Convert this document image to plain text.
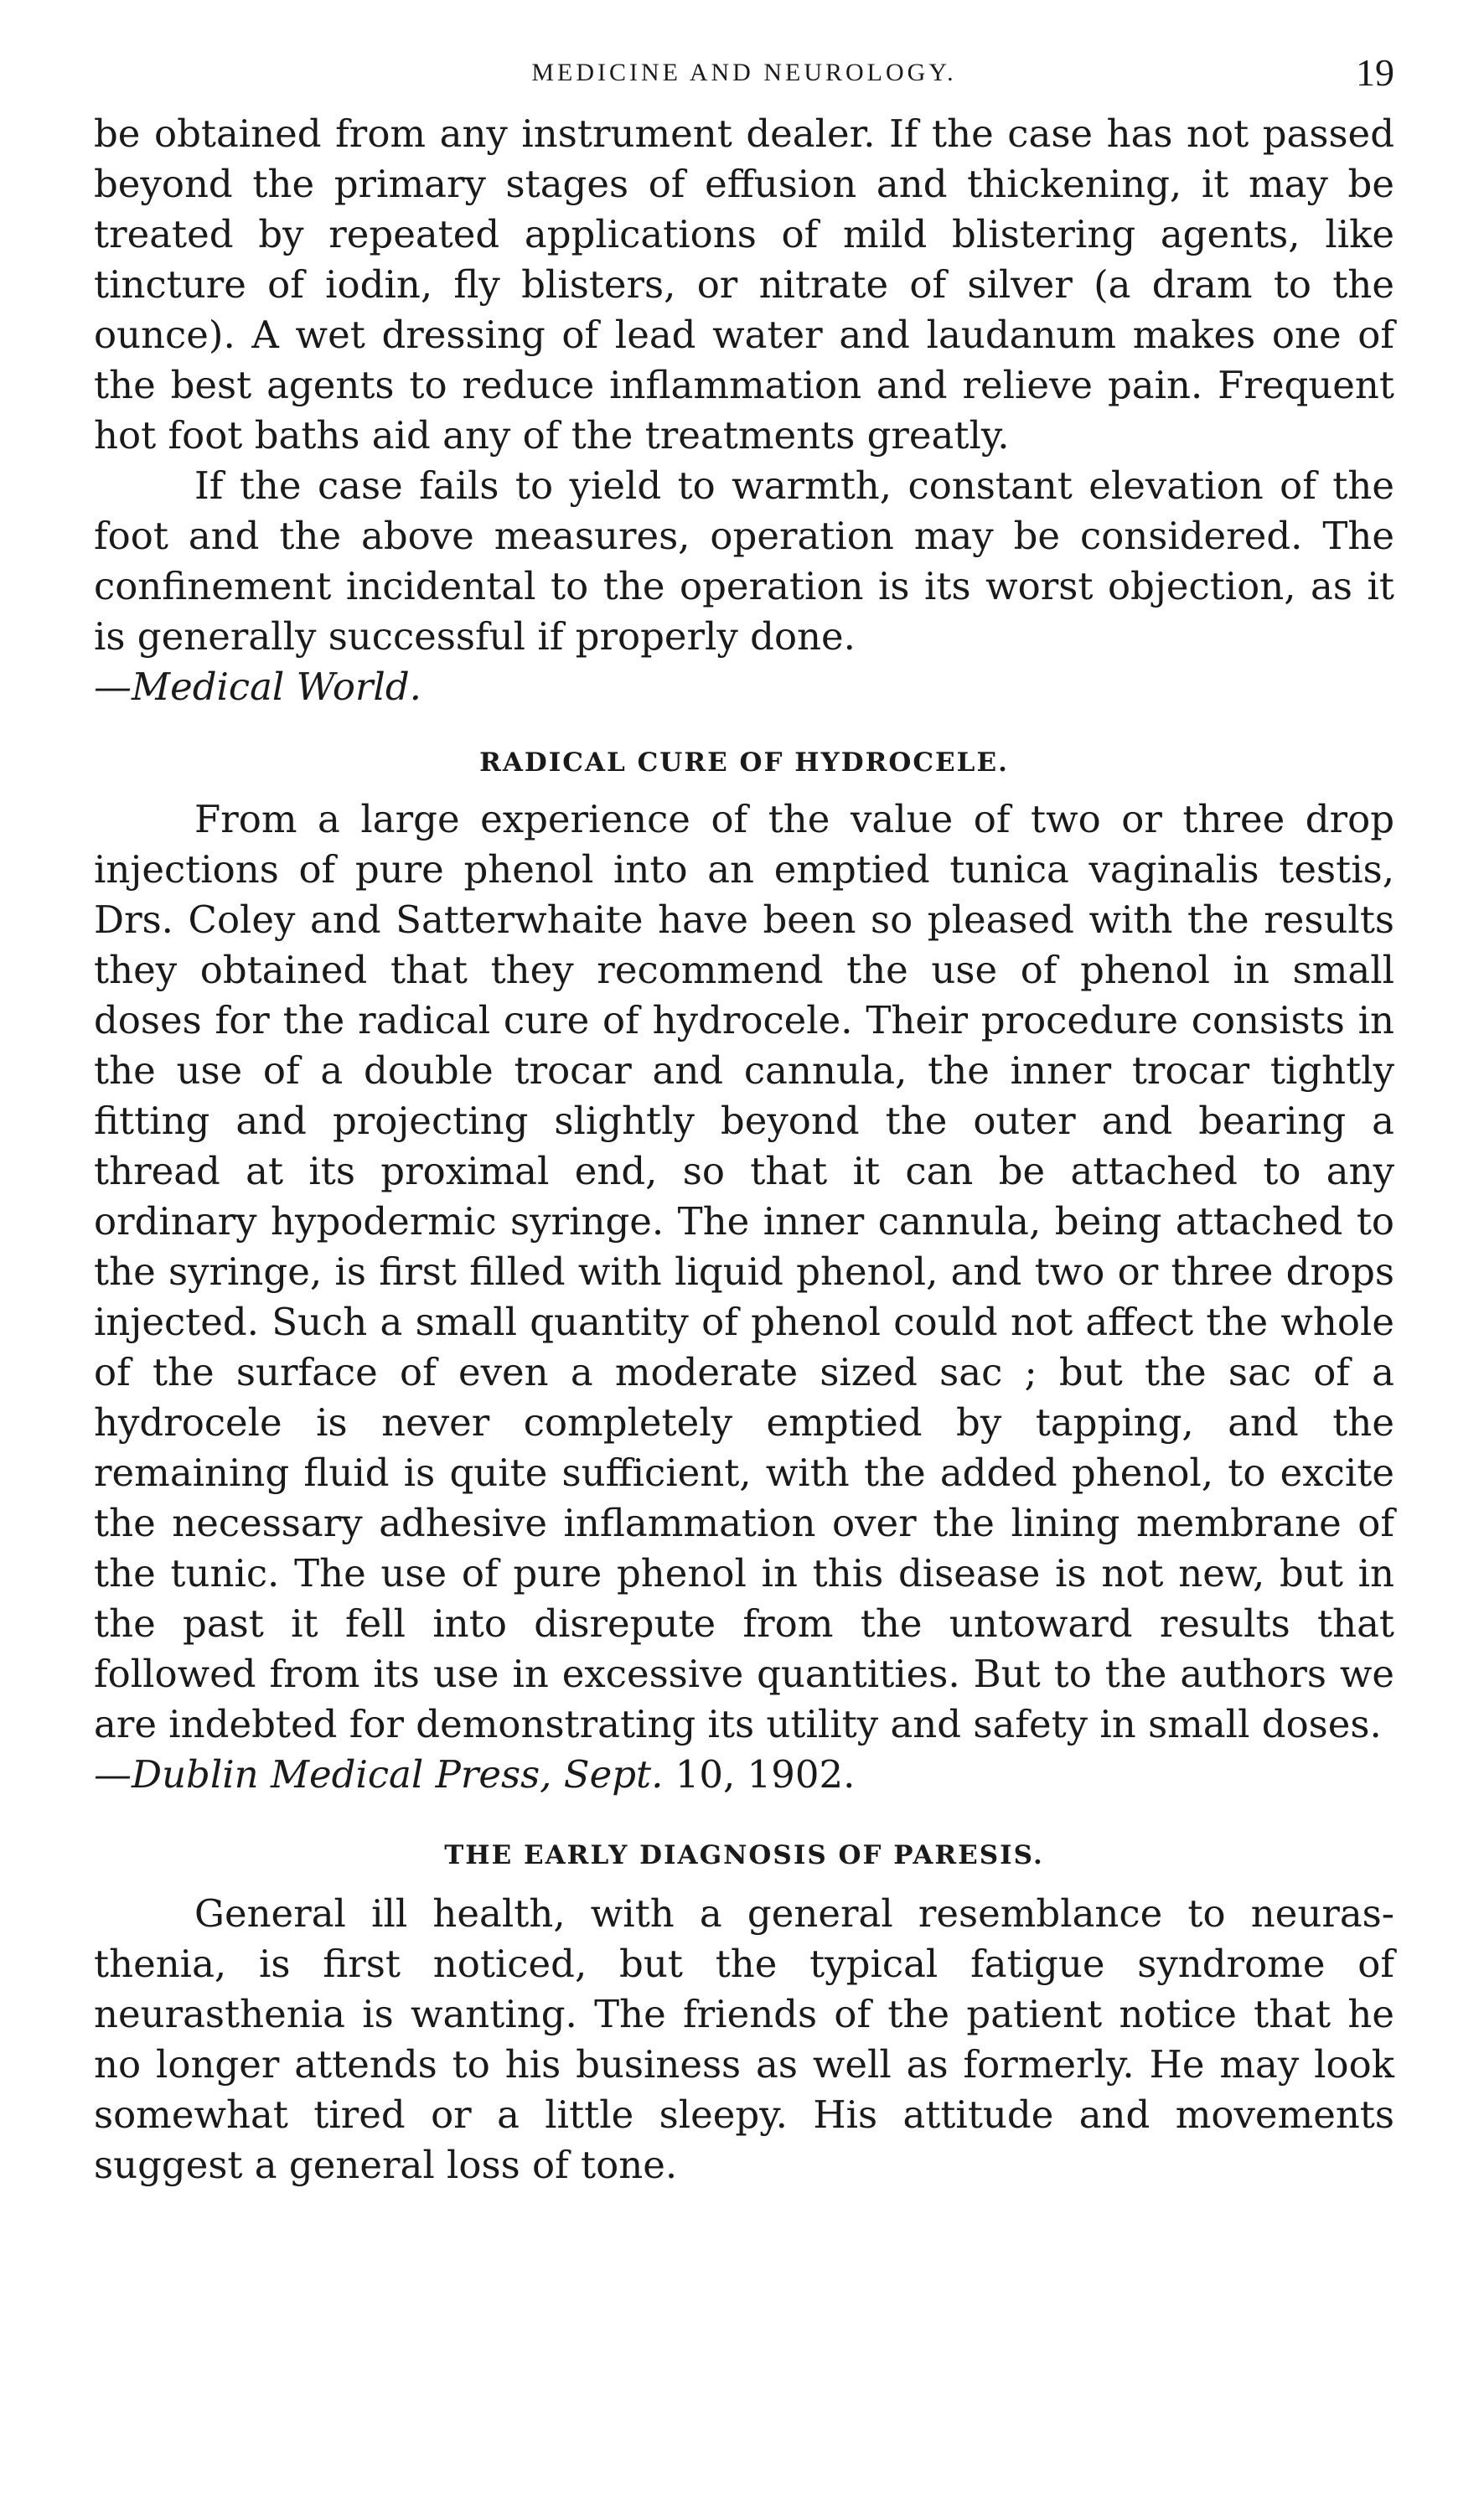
MEDICINE AND NEUROLOGY.	19

be obtained from any instrument dealer. If the case has not passed beyond the primary stages of effusion and thickening, it may be treated by repeated applications of mild blistering agents, like tincture of iodin, fly blisters, or nitrate of silver (a dram to the ounce). A wet dressing of lead water and laudanum makes one of the best agents to reduce inflammation and relieve pain. Frequent hot foot baths aid any of the treatments greatly.

If the case fails to yield to warmth, constant elevation of the foot and the above measures, operation may be considered. The confinement incidental to the operation is its worst objection, as it is generally successful if properly done.

—Medical World.
RADICAL CURE OF HYDROCELE.

From a large experience of the value of two or three drop injections of pure phenol into an emptied tunica vaginalis testis, Drs. Coley and Satterwhaite have been so pleased with the results they obtained that they recommend the use of phenol in small doses for the radical cure of hydrocele. Their procedure consists in the use of a double trocar and cannula, the inner trocar tightly fitting and projecting slightly beyond the outer and bearing a thread at its proximal end, so that it can be attached to any ordinary hypodermic syringe. The inner cannula, being attached to the syringe, is first filled with liquid phenol, and two or three drops injected. Such a small quantity of phenol could not affect the whole of the surface of even a moderate sized sac ; but the sac of a hydrocele is never completely emptied by tapping, and the remaining fluid is quite sufficient, with the added phenol, to excite the necessary adhesive inflammation over the lining membrane of the tunic. The use of pure phenol in this disease is not new, but in the past it fell into disrepute from the untoward results that followed from its use in excessive quantities. But to the authors we are indebted for demonstrating its utility and safety in small doses.

—Dublin Medical Press, Sept. 10, 1902.
THE EARLY DIAGNOSIS OF PARESIS.

General ill health, with a general resemblance to neurasthenia, is first noticed, but the typical fatigue syndrome of neurasthenia is wanting. The friends of the patient notice that he no longer attends to his business as well as formerly. He may look somewhat tired or a little sleepy. His attitude and movements suggest a general loss of tone.
